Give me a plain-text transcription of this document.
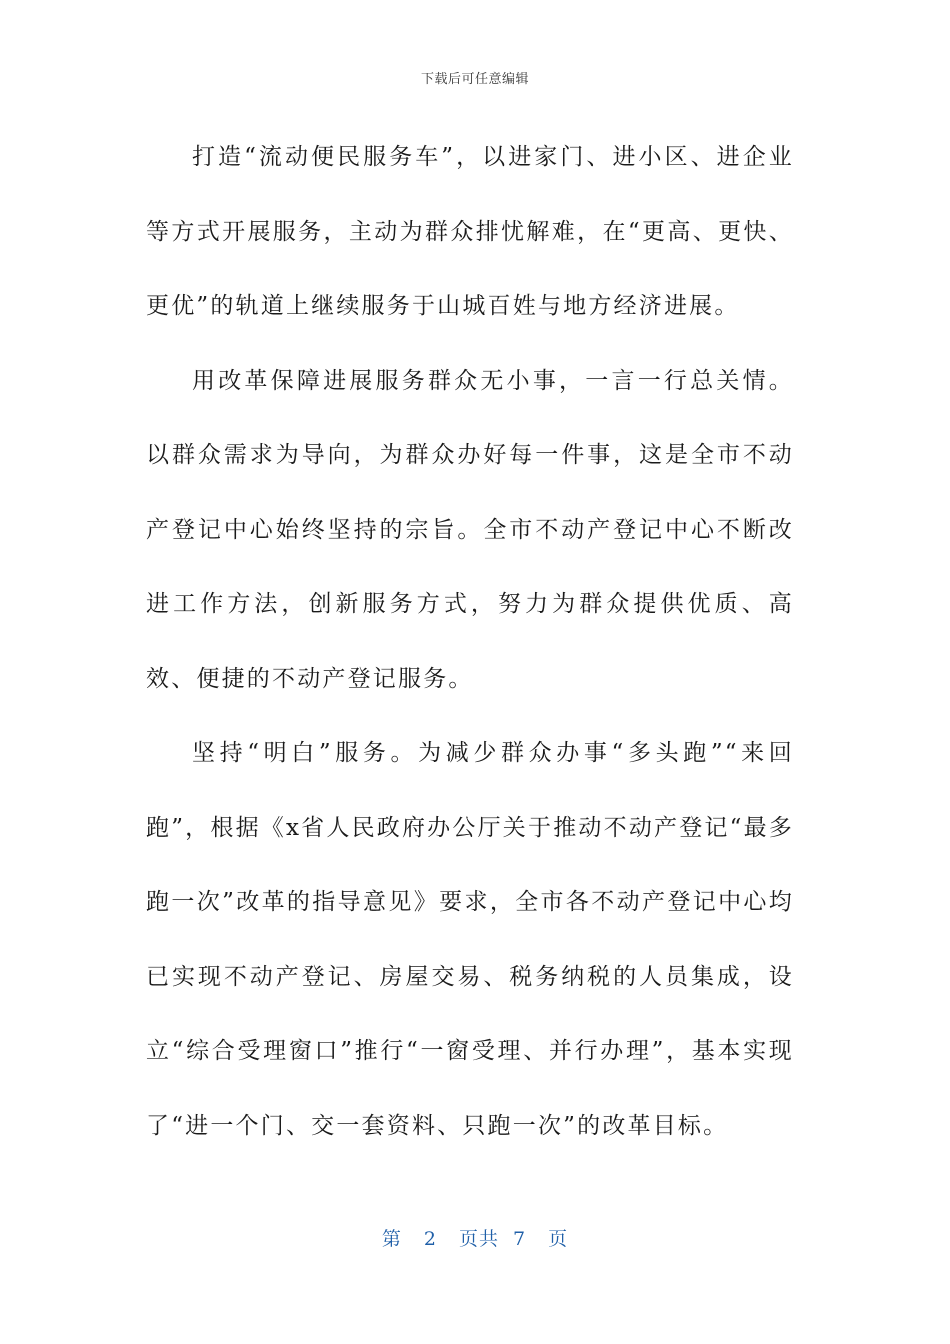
下载后可任意编辑

打造“流动便民服务车”，以进家门、进小区、进企业等方式开展服务，主动为群众排忧解难，在“更高、更快、更优”的轨道上继续服务于山城百姓与地方经济进展。

用改革保障进展服务群众无小事，一言一行总关情。以群众需求为导向，为群众办好每一件事，这是全市不动产登记中心始终坚持的宗旨。全市不动产登记中心不断改进工作方法，创新服务方式，努力为群众提供优质、高效、便捷的不动产登记服务。

坚持“明白”服务。为减少群众办事“多头跑”“来回跑”，根据《x省人民政府办公厅关于推动不动产登记“最多跑一次”改革的指导意见》要求，全市各不动产登记中心均已实现不动产登记、房屋交易、税务纳税的人员集成，设立“综合受理窗口”推行“一窗受理、并行办理”，基本实现了“进一个门、交一套资料、只跑一次”的改革目标。

第 2 页共 7 页
